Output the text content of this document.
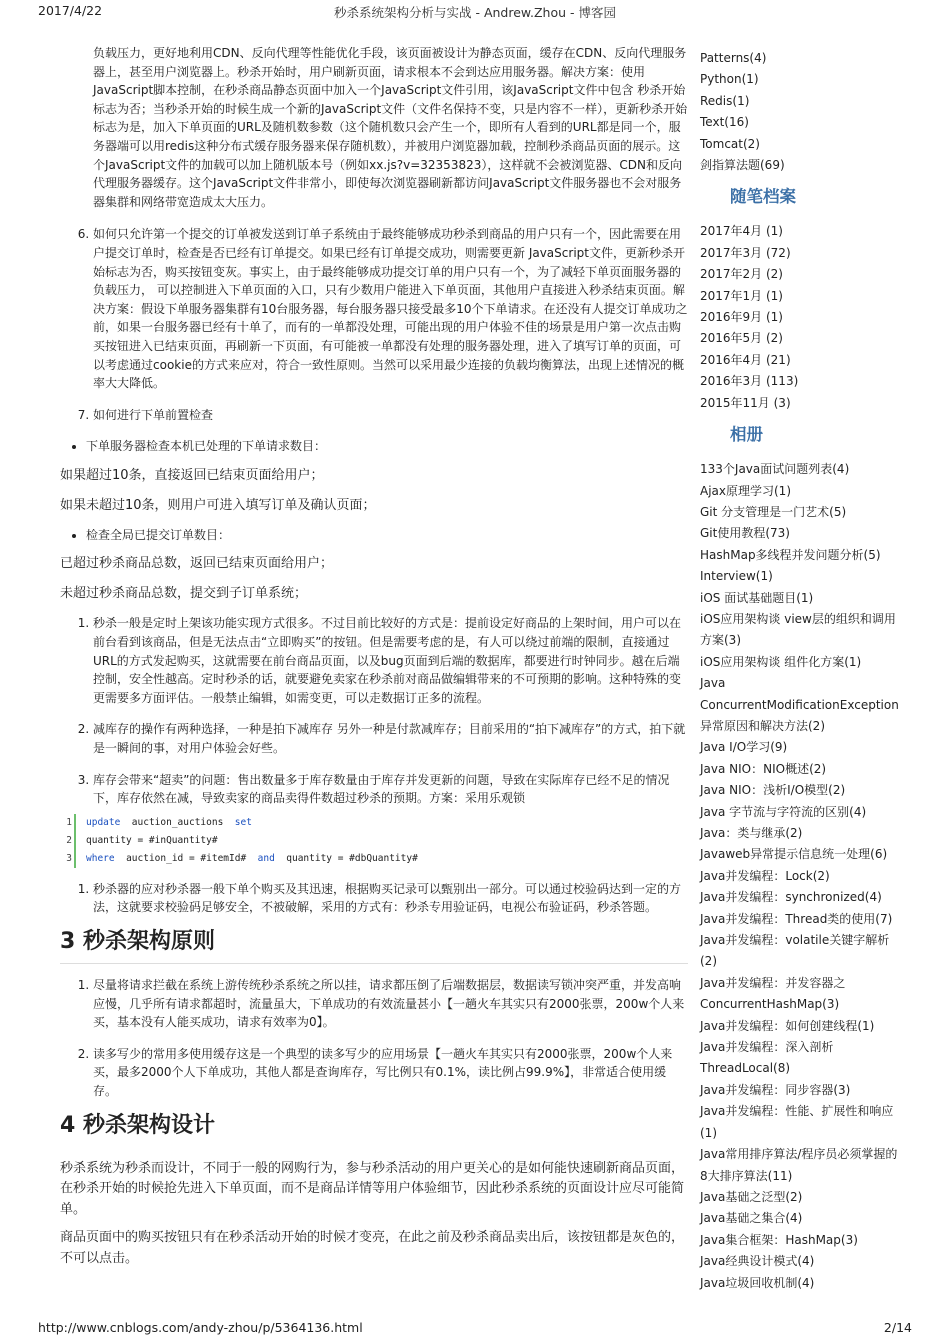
2017/4/22	秒杀系统架构分析与实战 - Andrew.Zhou - 博客园

负载压力，更好地利用CDN、反向代理等性能优化手段，该页面被设计为静态页面，缓存在CDN、反向代理服务器上，甚至用户浏览器上。秒杀开始时，用户刷新页面，请求根本不会到达应用服务器。解决方案：使用JavaScript脚本控制，在秒杀商品静态页面中加入一个JavaScript文件引用，该JavaScript文件中包含 秒杀开始标志为否；当秒杀开始的时候生成一个新的JavaScript文件（文件名保持不变，只是内容不一样），更新秒杀开始标志为是，加入下单页面的URL及随机数参数（这个随机数只会产生一个，即所有人看到的URL都是同一个，服务器端可以用redis这种分布式缓存服务器来保存随机数），并被用户浏览器加载，控制秒杀商品页面的展示。这个JavaScript文件的加载可以加上随机版本号（例如xx.js?v=32353823），这样就不会被浏览器、CDN和反向代理服务器缓存。这个JavaScript文件非常小，即使每次浏览器刷新都访问JavaScript文件服务器也不会对服务器集群和网络带宽造成太大压力。

6. 如何只允许第一个提交的订单被发送到订单子系统由于最终能够成功秒杀到商品的用户只有一个，因此需要在用户提交订单时，检查是否已经有订单提交。如果已经有订单提交成功，则需要更新 JavaScript文件，更新秒杀开始标志为否，购买按钮变灰。事实上，由于最终能够成功提交订单的用户只有一个，为了减轻下单页面服务器的负载压力， 可以控制进入下单页面的入口，只有少数用户能进入下单页面，其他用户直接进入秒杀结束页面。解决方案：假设下单服务器集群有10台服务器，每台服务器只接受最多10个下单请求。在还没有人提交订单成功之前，如果一台服务器已经有十单了，而有的一单都没处理，可能出现的用户体验不佳的场景是用户第一次点击购买按钮进入已结束页面，再刷新一下页面，有可能被一单都没有处理的服务器处理，进入了填写订单的页面，可以考虑通过cookie的方式来应对，符合一致性原则。当然可以采用最少连接的负载均衡算法，出现上述情况的概率大大降低。
7. 如何进行下单前置检查
• 下单服务器检查本机已处理的下单请求数目：

如果超过10条，直接返回已结束页面给用户；

如果未超过10条，则用户可进入填写订单及确认页面；

• 检查全局已提交订单数目：

已超过秒杀商品总数，返回已结束页面给用户；

未超过秒杀商品总数，提交到子订单系统；

1. 秒杀一般是定时上架该功能实现方式很多。不过目前比较好的方式是：提前设定好商品的上架时间，用户可以在前台看到该商品，但是无法点击“立即购买”的按钮。但是需要考虑的是，有人可以绕过前端的限制，直接通过URL的方式发起购买，这就需要在前台商品页面，以及bug页面到后端的数据库，都要进行时钟同步。越在后端控制，安全性越高。定时秒杀的话，就要避免卖家在秒杀前对商品做编辑带来的不可预期的影响。这种特殊的变更需要多方面评估。一般禁止编辑，如需变更，可以走数据订正多的流程。
2. 减库存的操作有两种选择，一种是拍下减库存 另外一种是付款减库存；目前采用的“拍下减库存”的方式，拍下就是一瞬间的事，对用户体验会好些。
3. 库存会带来“超卖”的问题：售出数量多于库存数量由于库存并发更新的问题，导致在实际库存已经不足的情况下，库存依然在减，导致卖家的商品卖得件数超过秒杀的预期。方案：采用乐观锁
1 update auction_auctions set
2 quantity = #inQuantity#
3 where auction_id = #itemId# and quantity = #dbQuantity#
1. 秒杀器的应对秒杀器一般下单个购买及其迅速，根据购买记录可以甄别出一部分。可以通过校验码达到一定的方法，这就要求校验码足够安全，不被破解，采用的方式有：秒杀专用验证码，电视公布验证码，秒杀答题。
3 秒杀架构原则
1. 尽量将请求拦截在系统上游传统秒杀系统之所以挂，请求都压倒了后端数据层，数据读写锁冲突严重，并发高响应慢，几乎所有请求都超时，流量虽大，下单成功的有效流量甚小【一趟火车其实只有2000张票，200w个人来买，基本没有人能买成功，请求有效率为0】。
2. 读多写少的常用多使用缓存这是一个典型的读多写少的应用场景【一趟火车其实只有2000张票，200w个人来买，最多2000个人下单成功，其他人都是查询库存，写比例只有0.1%，读比例占99.9%】，非常适合使用缓存。
4 秒杀架构设计

秒杀系统为秒杀而设计，不同于一般的网购行为，参与秒杀活动的用户更关心的是如何能快速刷新商品页面，在秒杀开始的时候抢先进入下单页面，而不是商品详情等用户体验细节，因此秒杀系统的页面设计应尽可能简单。

商品页面中的购买按钮只有在秒杀活动开始的时候才变亮，在此之前及秒杀商品卖出后，该按钮都是灰色的，不可以点击。

Patterns(4)
Python(1)
Redis(1)
Text(16)
Tomcat(2)
剑指算法题(69)
随笔档案
2017年4月 (1)
2017年3月 (72)
2017年2月 (2)
2017年1月 (1)
2016年9月 (1)
2016年5月 (2)
2016年4月 (21)
2016年3月 (113)
2015年11月 (3)
相册
133个Java面试问题列表(4)
Ajax原理学习(1)
Git 分支管理是一门艺术(5)
Git使用教程(73)
HashMap多线程并发问题分析(5)
Interview(1)
iOS 面试基础题目(1)
iOS应用架构谈 view层的组织和调用方案(3)
iOS应用架构谈 组件化方案(1)
Java ConcurrentModificationException异常原因和解决方法(2)
Java I/O学习(9)
Java NIO：NIO概述(2)
Java NIO：浅析I/O模型(2)
Java 字节流与字符流的区别(4)
Java：类与继承(2)
Javaweb异常提示信息统一处理(6)
Java并发编程：Lock(2)
Java并发编程：synchronized(4)
Java并发编程：Thread类的使用(7)
Java并发编程：volatile关键字解析(2)
Java并发编程：并发容器之ConcurrentHashMap(3)
Java并发编程：如何创建线程(1)
Java并发编程：深入剖析ThreadLocal(8)
Java并发编程：同步容器(3)
Java并发编程：性能、扩展性和响应(1)
Java常用排序算法/程序员必须掌握的8大排序算法(11)
Java基础之泛型(2)
Java基础之集合(4)
Java集合框架：HashMap(3)
Java经典设计模式(4)
Java垃圾回收机制(4)
http://www.cnblogs.com/andy-zhou/p/5364136.html	2/14
